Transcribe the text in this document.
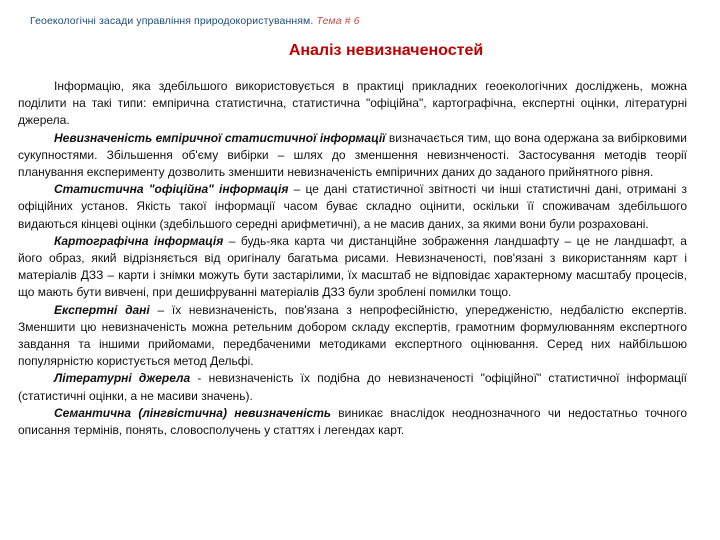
Геоекологічні засади управління природокористуванням. Тема # 6
Аналіз невизначеностей

Інформацію, яка здебільшого використовується в практиці прикладних геоекологічних досліджень, можна поділити на такі типи: емпірична статистична, статистична "офіційна", картографічна, експертні оцінки, літературні джерела.

Невизначеність емпіричної статистичної інформації визначається тим, що вона одержана за вибірковими сукупностями. Збільшення об'єму вибірки – шлях до зменшення невизнченості. Застосування методів теорії планування експерименту дозволить зменшити невизначеність емпіричних даних до заданого прийнятного рівня.

Статистична "офіційна" інформація – це дані статистичної звітності чи інші статистичні дані, отримані з офіційних установ. Якість такої інформації часом буває складно оцінити, оскільки її споживачам здебільшого видаються кінцеві оцінки (здебільшого середні арифметичні), а не масив даних, за якими вони були розраховані.

Картографічна інформація – будь-яка карта чи дистанційне зображення ландшафту – це не ландшафт, а його образ, який відрізняється від оригіналу багатьма рисами. Невизначеності, пов'язані з використанням карт і матеріалів ДЗЗ – карти і знімки можуть бути застарілими, їх масштаб не відповідає характерному масштабу процесів, що мають бути вивчені, при дешифруванні матеріалів ДЗЗ були зроблені помилки тощо.

Експертні дані – їх невизначеність, пов'язана з непрофесійністю, упередженістю, недбалістю експертів. Зменшити цю невизначеність можна ретельним добором складу експертів, грамотним формулюванням експертного завдання та іншими прийомами, передбаченими методиками експертного оцінювання. Серед них найбільшою популярністю користується метод Дельфі.

Літературні джерела - невизначеність їх подібна до невизначеності "офіційної" статистичної інформації (статистичні оцінки, а не масиви значень).

Семантична (лінгвістична) невизначеність виникає внаслідок неоднозначного чи недостатньо точного описання термінів, понять, словосполучень у статтях і легендах карт.
